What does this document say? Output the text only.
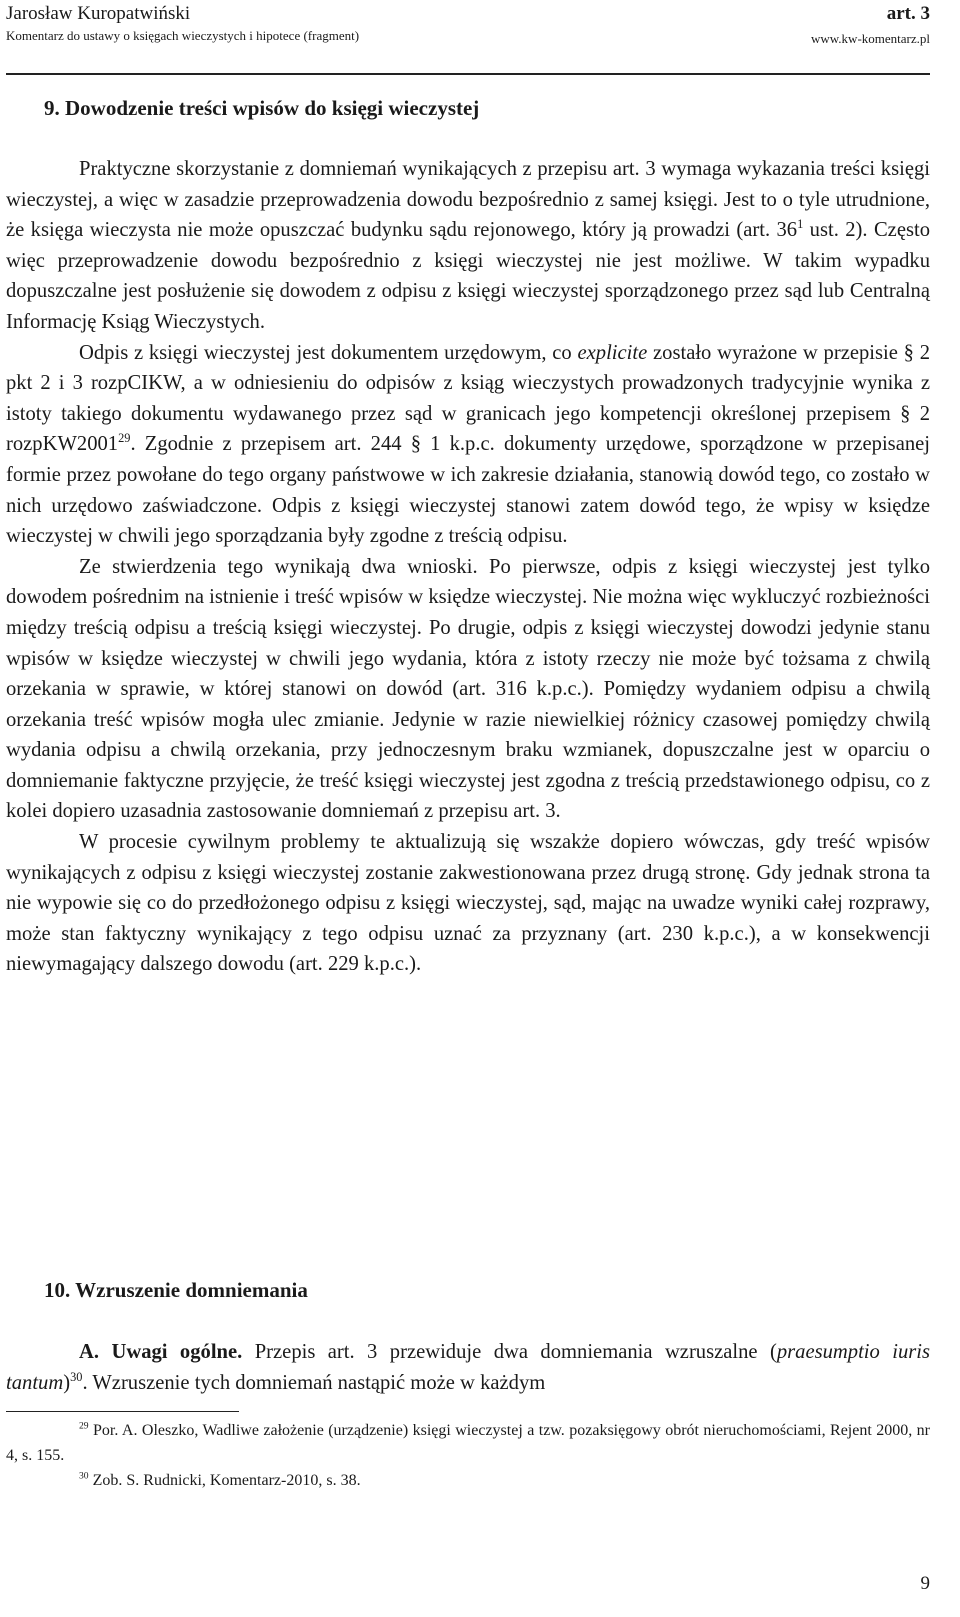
Jarosław Kuropatwiński
Komentarz do ustawy o księgach wieczystych i hipotece (fragment)
art. 3
www.kw-komentarz.pl
9. Dowodzenie treści wpisów do księgi wieczystej

Praktyczne skorzystanie z domniemań wynikających z przepisu art. 3 wymaga wykazania treści księgi wieczystej, a więc w zasadzie przeprowadzenia dowodu bezpośrednio z samej księgi. Jest to o tyle utrudnione, że księga wieczysta nie może opuszczać budynku sądu rejonowego, który ją prowadzi (art. $36^1$ ust. 2). Często więc przeprowadzenie dowodu bezpośrednio z księgi wieczystej nie jest możliwe. W takim wypadku dopuszczalne jest posłużenie się dowodem z odpisu z księgi wieczystej sporządzonego przez sąd lub Centralną Informację Ksiąg Wieczystych.

Odpis z księgi wieczystej jest dokumentem urzędowym, co explicite zostało wyrażone w przepisie § 2 pkt 2 i 3 rozpCIKW, a w odniesieniu do odpisów z ksiąg wieczystych prowadzonych tradycyjnie wynika z istoty takiego dokumentu wydawanego przez sąd w granicach jego kompetencji określonej przepisem § 2 rozpKW2001$^{29}$. Zgodnie z przepisem art. 244 § 1 k.p.c. dokumenty urzędowe, sporządzone w przepisanej formie przez powołane do tego organy państwowe w ich zakresie działania, stanowią dowód tego, co zostało w nich urzędowo zaświadczone. Odpis z księgi wieczystej stanowi zatem dowód tego, że wpisy w księdze wieczystej w chwili jego sporządzania były zgodne z treścią odpisu.

Ze stwierdzenia tego wynikają dwa wnioski. Po pierwsze, odpis z księgi wieczystej jest tylko dowodem pośrednim na istnienie i treść wpisów w księdze wieczystej. Nie można więc wykluczyć rozbieżności między treścią odpisu a treścią księgi wieczystej. Po drugie, odpis z księgi wieczystej dowodzi jedynie stanu wpisów w księdze wieczystej w chwili jego wydania, która z istoty rzeczy nie może być tożsama z chwilą orzekania w sprawie, w której stanowi on dowód (art. 316 k.p.c.). Pomiędzy wydaniem odpisu a chwilą orzekania treść wpisów mogła ulec zmianie. Jedynie w razie niewielkiej różnicy czasowej pomiędzy chwilą wydania odpisu a chwilą orzekania, przy jednoczesnym braku wzmianek, dopuszczalne jest w oparciu o domniemanie faktyczne przyjęcie, że treść księgi wieczystej jest zgodna z treścią przedstawionego odpisu, co z kolei dopiero uzasadnia zastosowanie domniemań z przepisu art. 3.

W procesie cywilnym problemy te aktualizują się wszakże dopiero wówczas, gdy treść wpisów wynikających z odpisu z księgi wieczystej zostanie zakwestionowana przez drugą stronę. Gdy jednak strona ta nie wypowie się co do przedłożonego odpisu z księgi wieczystej, sąd, mając na uwadze wyniki całej rozprawy, może stan faktyczny wynikający z tego odpisu uznać za przyznany (art. 230 k.p.c.), a w konsekwencji niewymagający dalszego dowodu (art. 229 k.p.c.).

10. Wzruszenie domniemania

A. Uwagi ogólne. Przepis art. 3 przewiduje dwa domniemania wzruszalne (praesumptio iuris tantum)$^{30}$. Wzruszenie tych domniemań nastąpić może w każdym

$^{29}$ Por. A. Oleszko, Wadliwe założenie (urządzenie) księgi wieczystej a tzw. pozaksięgowy obrót nieruchomościami, Rejent 2000, nr 4, s. 155.

$^{30}$ Zob. S. Rudnicki, Komentarz-2010, s. 38.

9
